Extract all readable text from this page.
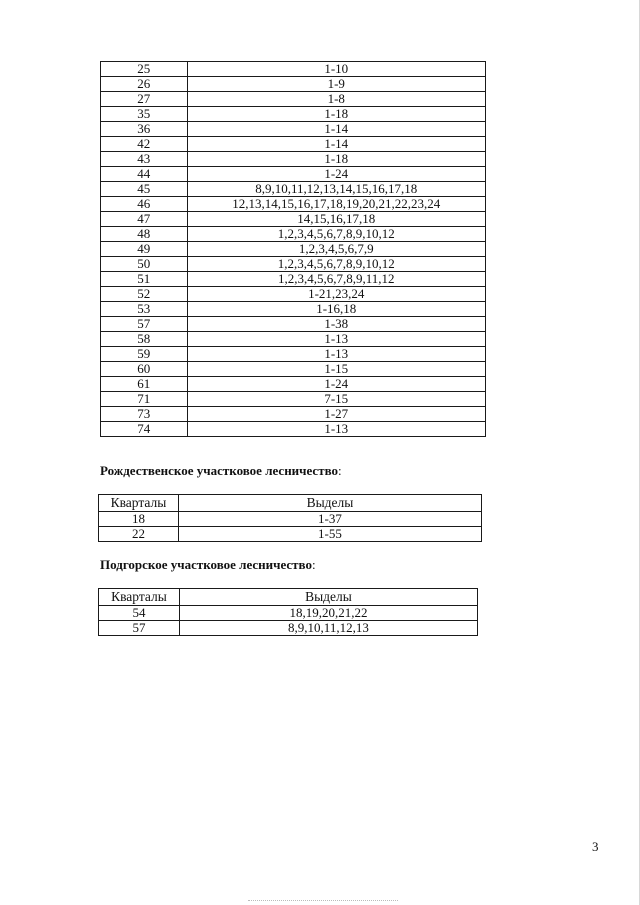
25	1-10
26	1-9
27	1-8
35	1-18
36	1-14
42	1-14
43	1-18
44	1-24
45	8,9,10,11,12,13,14,15,16,17,18
46	12,13,14,15,16,17,18,19,20,21,22,23,24
47	14,15,16,17,18
48	1,2,3,4,5,6,7,8,9,10,12
49	1,2,3,4,5,6,7,9
50	1,2,3,4,5,6,7,8,9,10,12
51	1,2,3,4,5,6,7,8,9,11,12
52	1-21,23,24
53	1-16,18
57	1-38
58	1-13
59	1-13
60	1-15
61	1-24
71	7-15
73	1-27
74	1-13
Рождественское участковое лесничество:
Кварталы	Выделы
18	1-37
22	1-55
Подгорское участковое лесничество:
Кварталы	Выделы
54	18,19,20,21,22
57	8,9,10,11,12,13
3
